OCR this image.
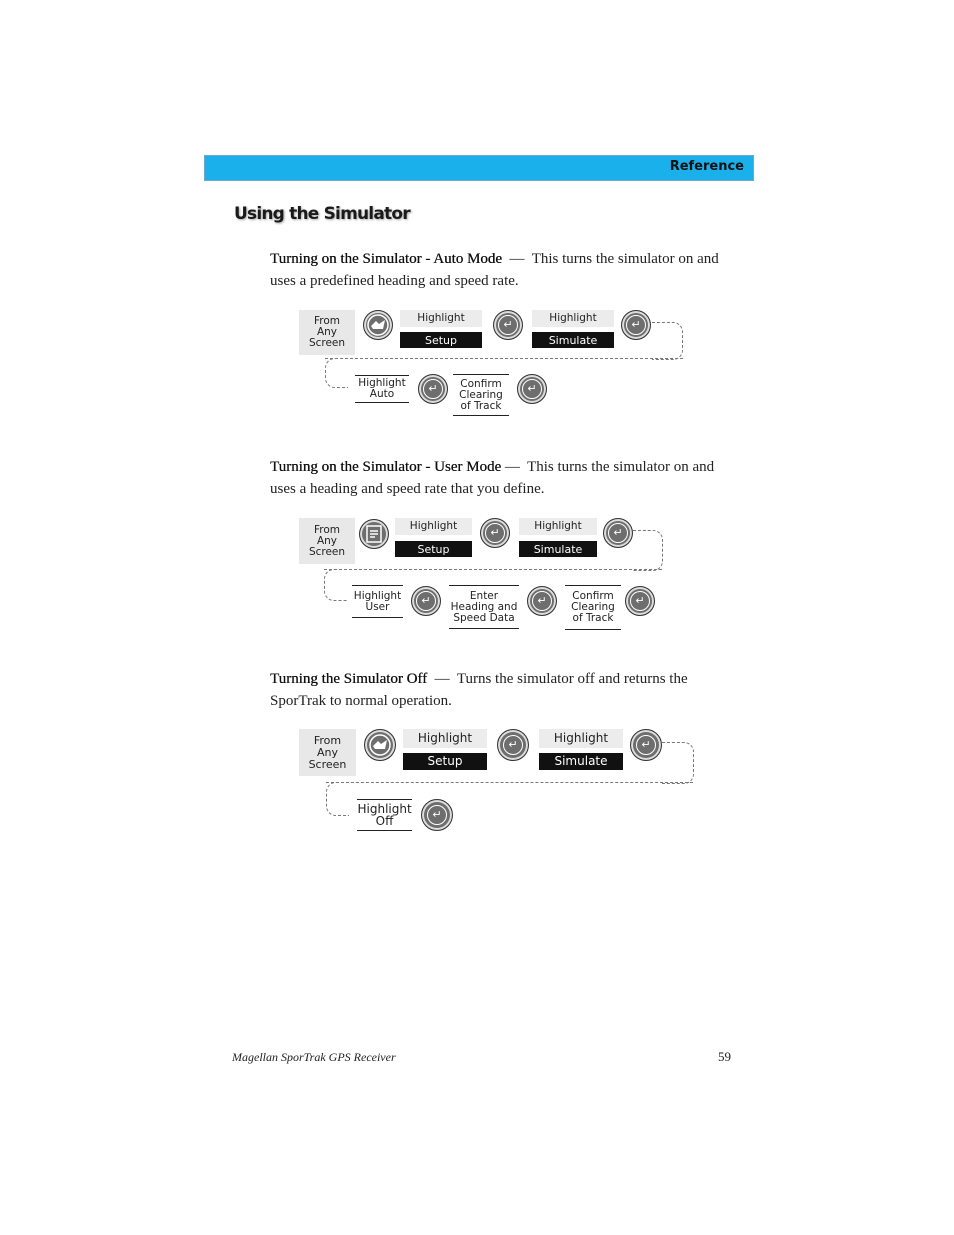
Reference
Using the Simulator
Turning on the Simulator - Auto Mode — This turns the simulator on and uses a predefined heading and speed rate.
From Any Screen
Highlight
Setup
↵	Highlight
Simulate
↵
Highlight Auto	↵	Confirm Clearing of Track
↵
Turning on the Simulator - User Mode — This turns the simulator on and uses a heading and speed rate that you define.
From Any Screen
Highlight
Setup
↵	Highlight
Simulate
↵
Highlight User	↵	Enter Heading and Speed Data
↵	Confirm Clearing of Track
↵
Turning the Simulator Off — Turns the simulator off and returns the SporTrak to normal operation.
From Any Screen
Highlight
Setup
↵	Highlight
Simulate
↵
Highlight Off	↵
Magellan SporTrak GPS Receiver	59
